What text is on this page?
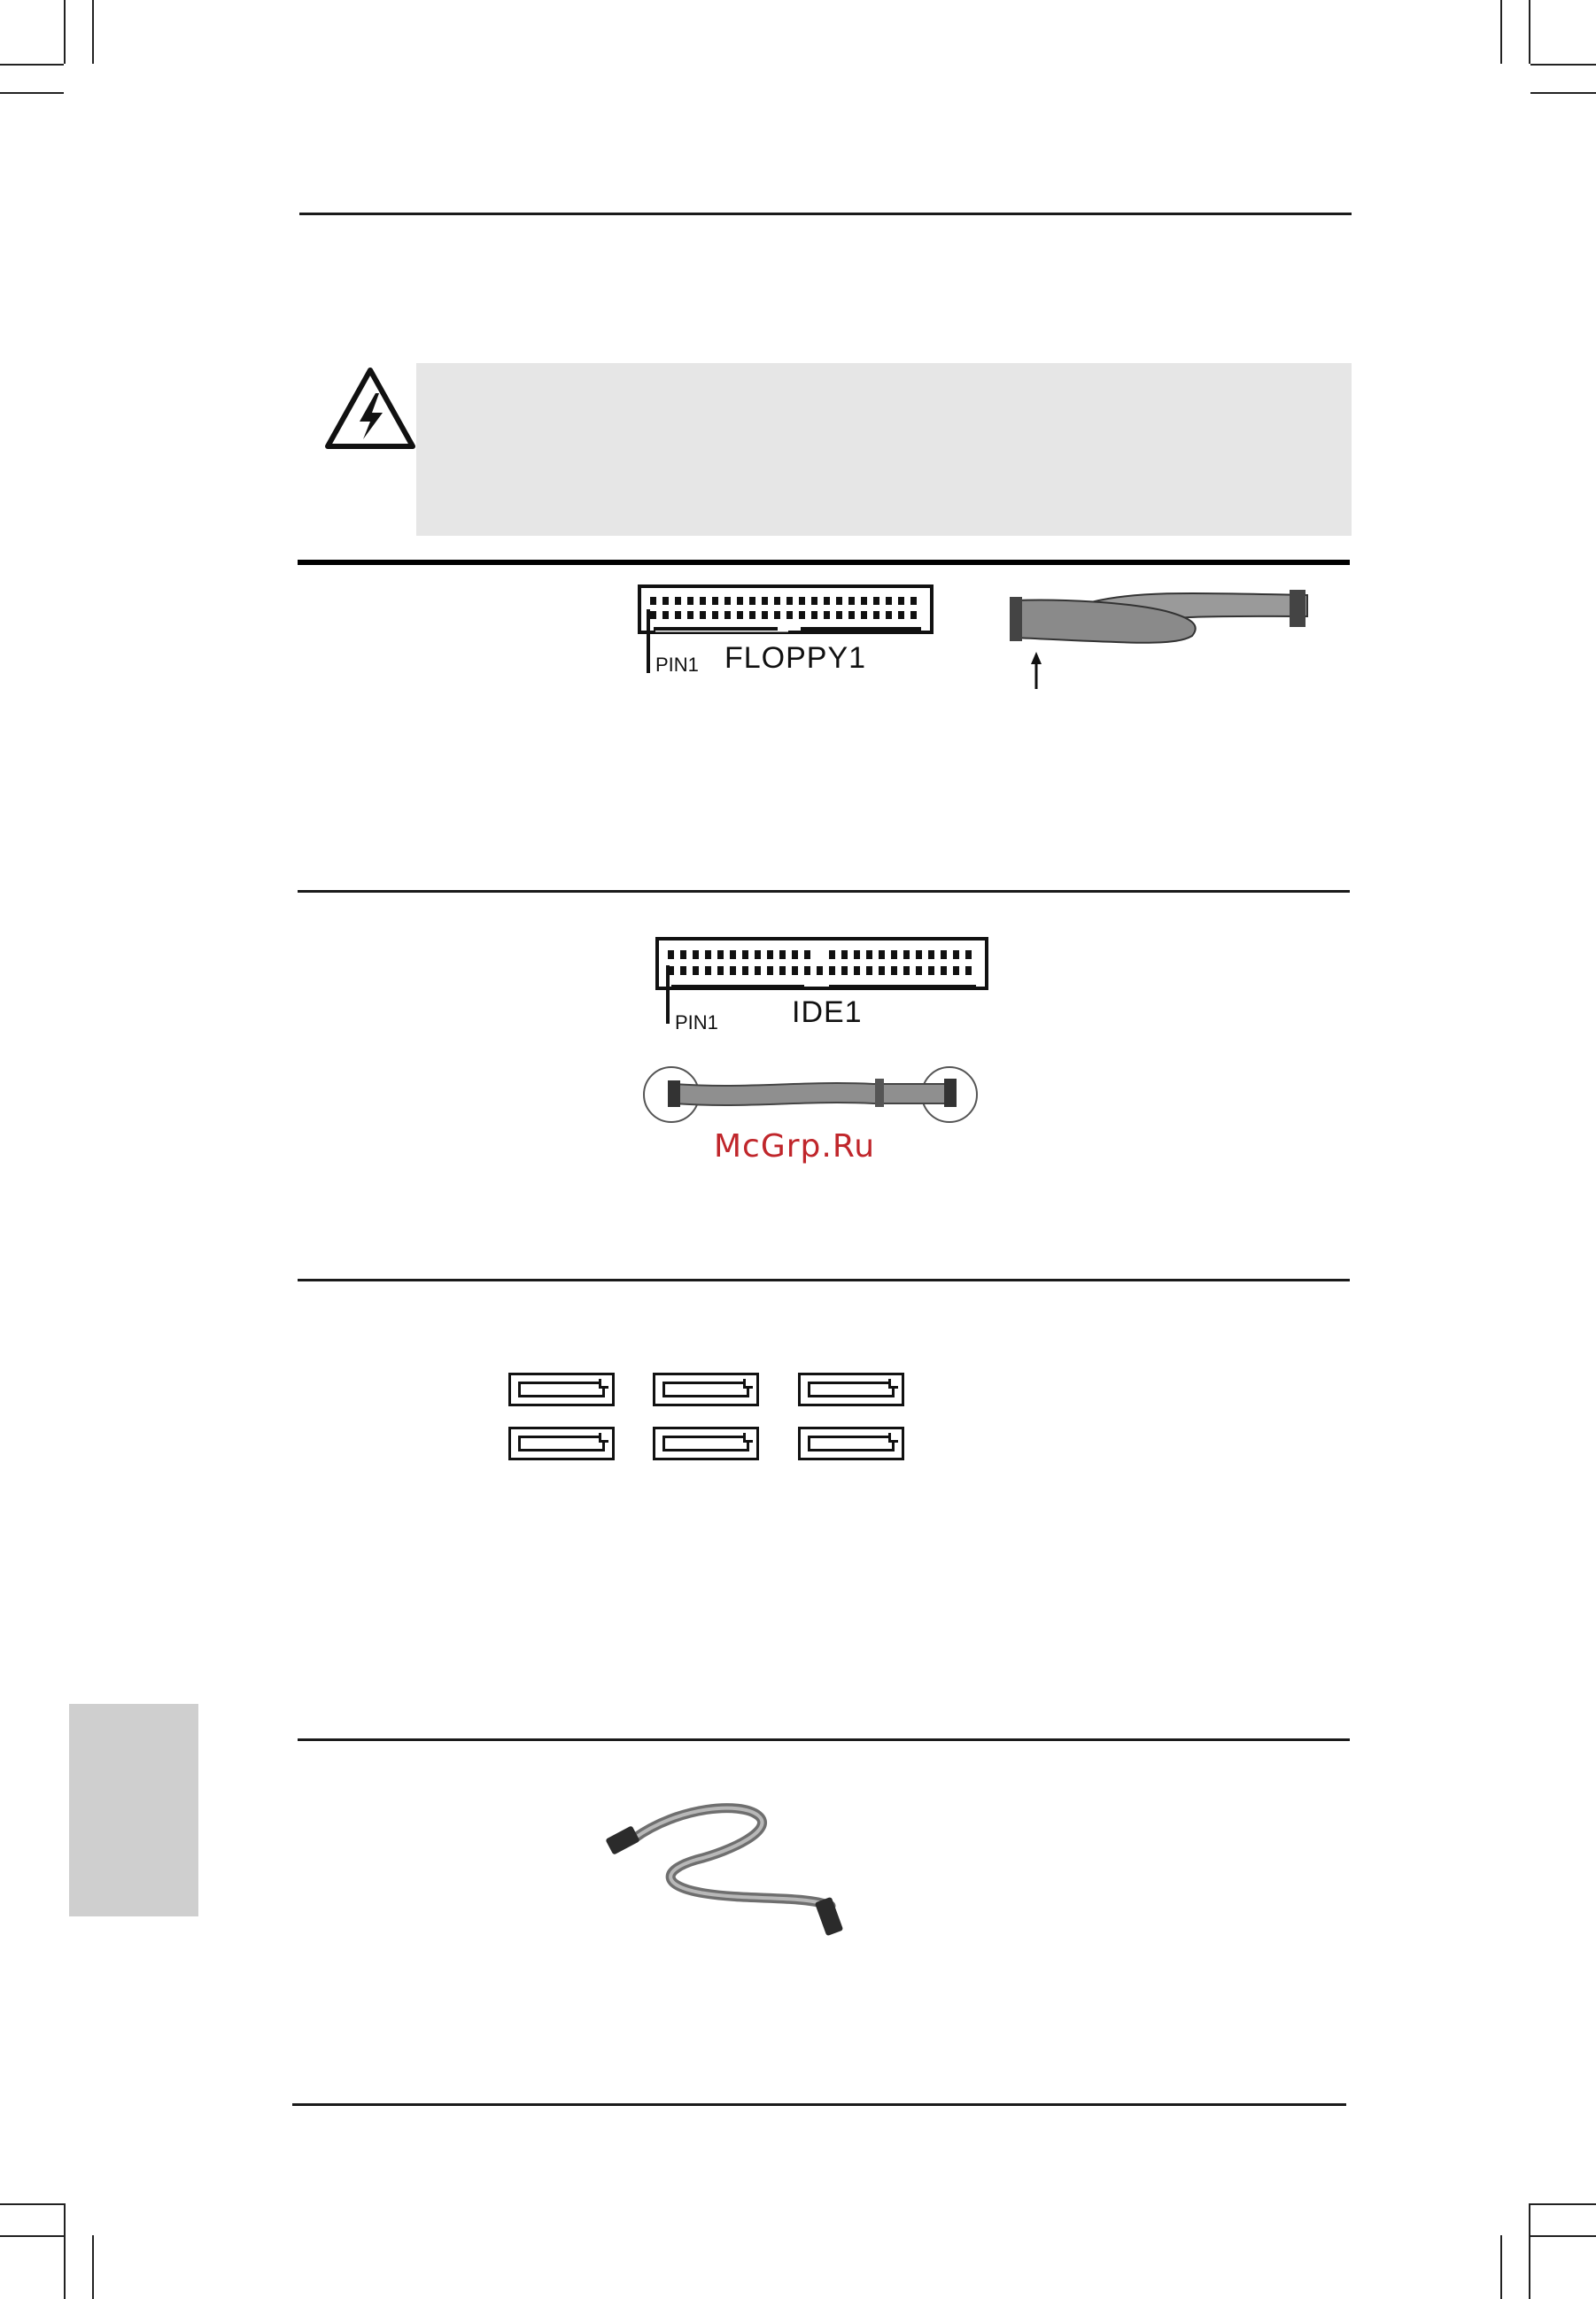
PIN1 FLOPPY1
PIN1 IDE1
McGrp.Ru
